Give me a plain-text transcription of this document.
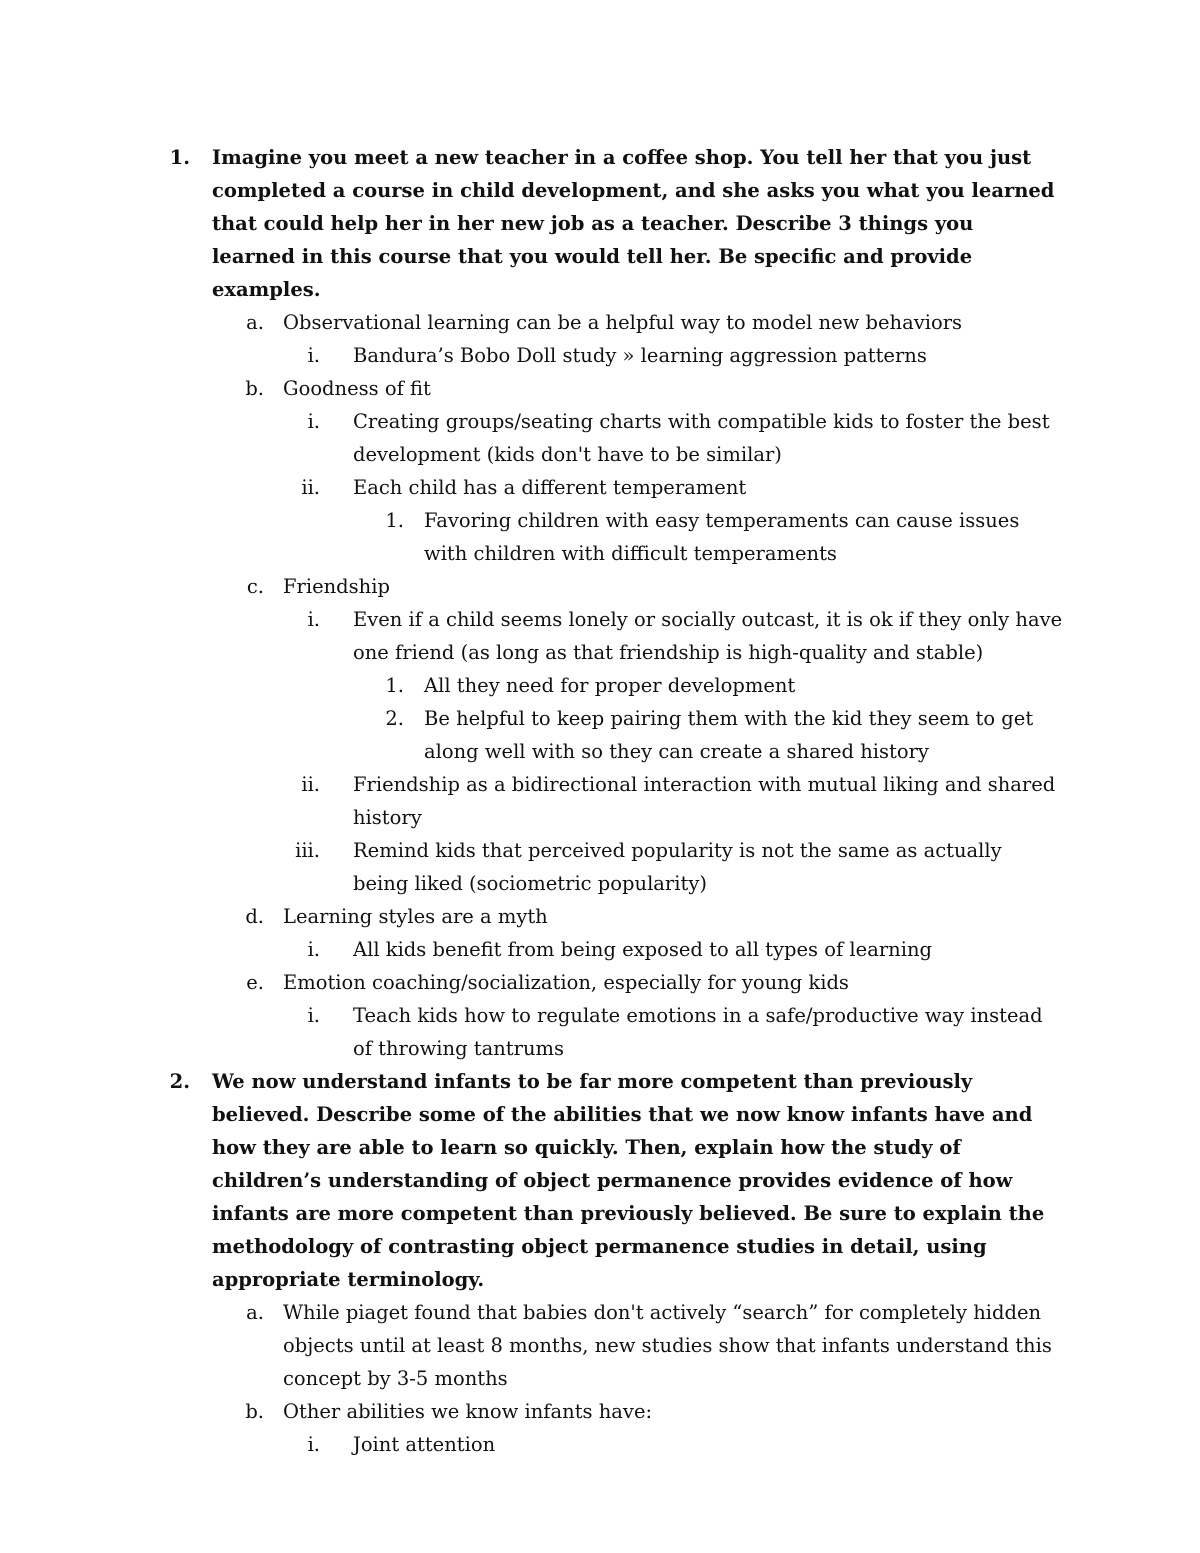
1. Imagine you meet a new teacher in a coffee shop. You tell her that you just completed a course in child development, and she asks you what you learned that could help her in her new job as a teacher. Describe 3 things you learned in this course that you would tell her. Be specific and provide examples.
a. Observational learning can be a helpful way to model new behaviors
i. Bandura’s Bobo Doll study » learning aggression patterns
b. Goodness of fit
i. Creating groups/seating charts with compatible kids to foster the best development (kids don't have to be similar)
ii. Each child has a different temperament
1. Favoring children with easy temperaments can cause issues with children with difficult temperaments
c. Friendship
i. Even if a child seems lonely or socially outcast, it is ok if they only have one friend (as long as that friendship is high-quality and stable)
1. All they need for proper development
2. Be helpful to keep pairing them with the kid they seem to get along well with so they can create a shared history
ii. Friendship as a bidirectional interaction with mutual liking and shared history
iii. Remind kids that perceived popularity is not the same as actually being liked (sociometric popularity)
d. Learning styles are a myth
i. All kids benefit from being exposed to all types of learning
e. Emotion coaching/socialization, especially for young kids
i. Teach kids how to regulate emotions in a safe/productive way instead of throwing tantrums
2. We now understand infants to be far more competent than previously believed. Describe some of the abilities that we now know infants have and how they are able to learn so quickly. Then, explain how the study of children’s understanding of object permanence provides evidence of how infants are more competent than previously believed. Be sure to explain the methodology of contrasting object permanence studies in detail, using appropriate terminology.
a. While piaget found that babies don't actively “search” for completely hidden objects until at least 8 months, new studies show that infants understand this concept by 3-5 months
b. Other abilities we know infants have:
i. Joint attention
